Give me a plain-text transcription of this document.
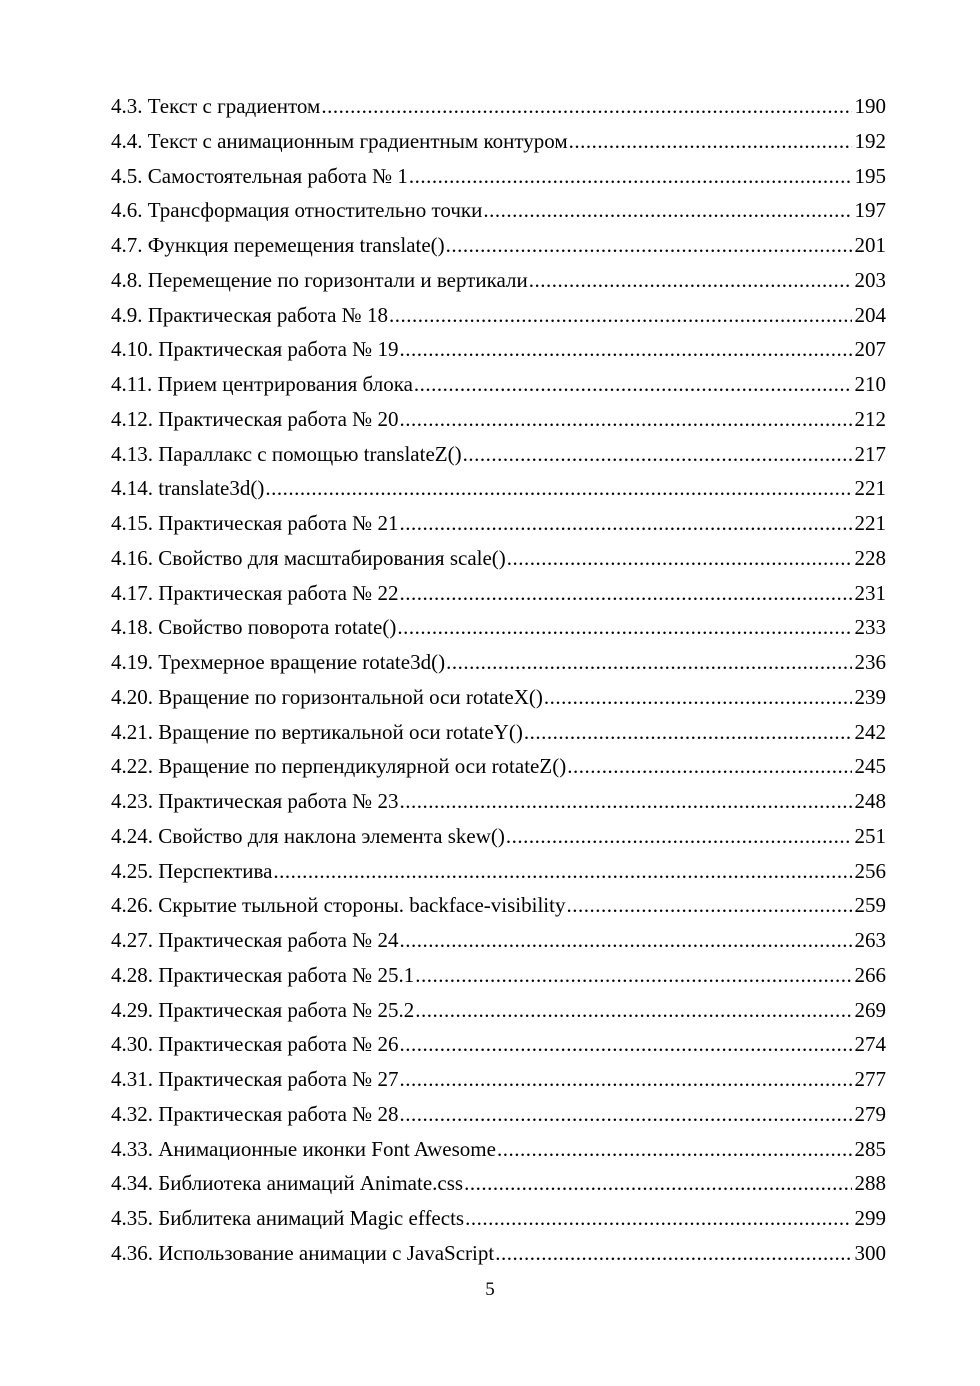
4.3. Текст с градиентом .....	190
4.4. Текст с анимационным градиентным контуром .....	192
4.5. Самостоятельная работа № 1 .....	195
4.6. Трансформация отностительно точки .....	197
4.7. Функция перемещения translate() .....	201
4.8. Перемещение по горизонтали и вертикали .....	203
4.9. Практическая работа № 18 .....	204
4.10. Практическая работа № 19 .....	207
4.11. Прием центрирования блока .....	210
4.12. Практическая работа № 20 .....	212
4.13. Параллакс с помощью translateZ() .....	217
4.14. translate3d() .....	221
4.15. Практическая работа № 21 .....	221
4.16. Свойство для масштабирования scale() .....	228
4.17. Практическая работа № 22 .....	231
4.18. Свойство поворота rotate() .....	233
4.19. Трехмерное вращение rotate3d() .....	236
4.20. Вращение по горизонтальной оси rotateX() .....	239
4.21. Вращение по вертикальной оси rotateY() .....	242
4.22. Вращение по перпендикулярной оси rotateZ() .....	245
4.23. Практическая работа № 23 .....	248
4.24. Свойство для наклона элемента skew() .....	251
4.25. Перспектива .....	256
4.26. Скрытие тыльной стороны. backface-visibility .....	259
4.27. Практическая работа № 24 .....	263
4.28. Практическая работа № 25.1 .....	266
4.29. Практическая работа № 25.2 .....	269
4.30. Практическая работа № 26 .....	274
4.31. Практическая работа № 27 .....	277
4.32. Практическая работа № 28 .....	279
4.33. Анимационные иконки Font Awesome .....	285
4.34. Библиотека анимаций Animate.css .....	288
4.35. Библитека анимаций Magic effects .....	299
4.36. Использование анимации с JavaScript .....	300
5
